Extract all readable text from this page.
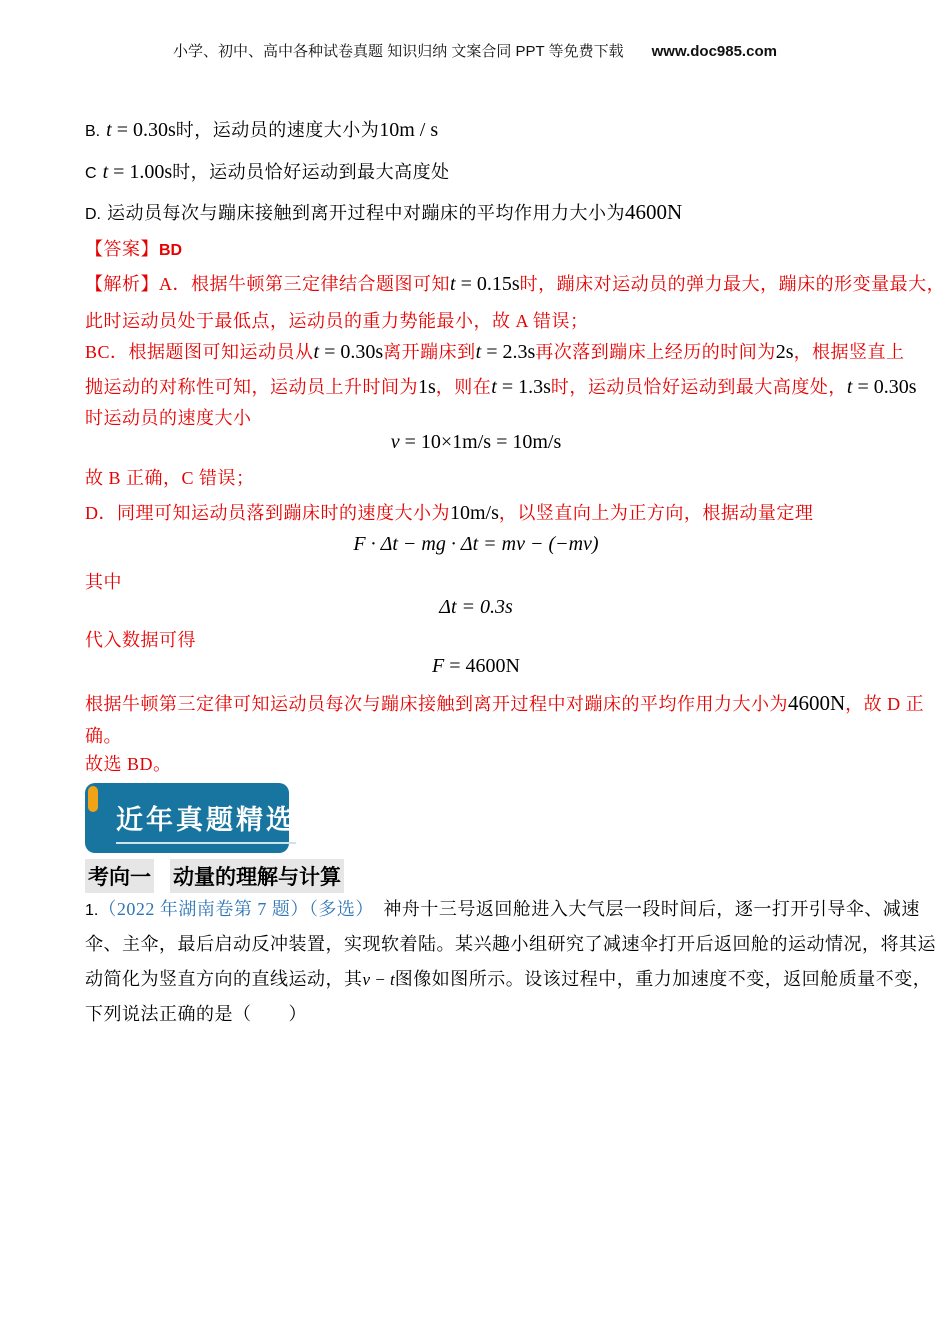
小学、初中、高中各种试卷真题 知识归纳 文案合同 PPT 等免费下载 www.doc985.com
B. t = 0.30s时，运动员的速度大小为10m / s
C t = 1.00s时，运动员恰好运动到最大高度处
D. 运动员每次与蹦床接触到离开过程中对蹦床的平均作用力大小为4600N
【答案】BD
【解析】A．根据牛顿第三定律结合题图可知t = 0.15s时，蹦床对运动员的弹力最大，蹦床的形变量最大，
此时运动员处于最低点，运动员的重力势能最小，故 A 错误；
BC．根据题图可知运动员从t = 0.30s离开蹦床到t = 2.3s再次落到蹦床上经历的时间为2s，根据竖直上
抛运动的对称性可知，运动员上升时间为1s，则在t = 1.3s时，运动员恰好运动到最大高度处，t = 0.30s
时运动员的速度大小
v = 10×1m/s = 10m/s
故 B 正确，C 错误；
D．同理可知运动员落到蹦床时的速度大小为10m/s，以竖直向上为正方向，根据动量定理
F · Δt − mg · Δt = mv − (−mv)
其中
Δt = 0.3s
代入数据可得
F = 4600N
根据牛顿第三定律可知运动员每次与蹦床接触到离开过程中对蹦床的平均作用力大小为4600N，故 D 正
确。
故选 BD。
近年真题精选
考向一 动量的理解与计算
1.（2022 年湖南卷第 7 题）（多选）　神舟十三号返回舱进入大气层一段时间后，逐一打开引导伞、减速
伞、主伞，最后启动反冲装置，实现软着陆。某兴趣小组研究了减速伞打开后返回舱的运动情况，将其运
动简化为竖直方向的直线运动，其v − t图像如图所示。设该过程中，重力加速度不变，返回舱质量不变，
下列说法正确的是（　　）
